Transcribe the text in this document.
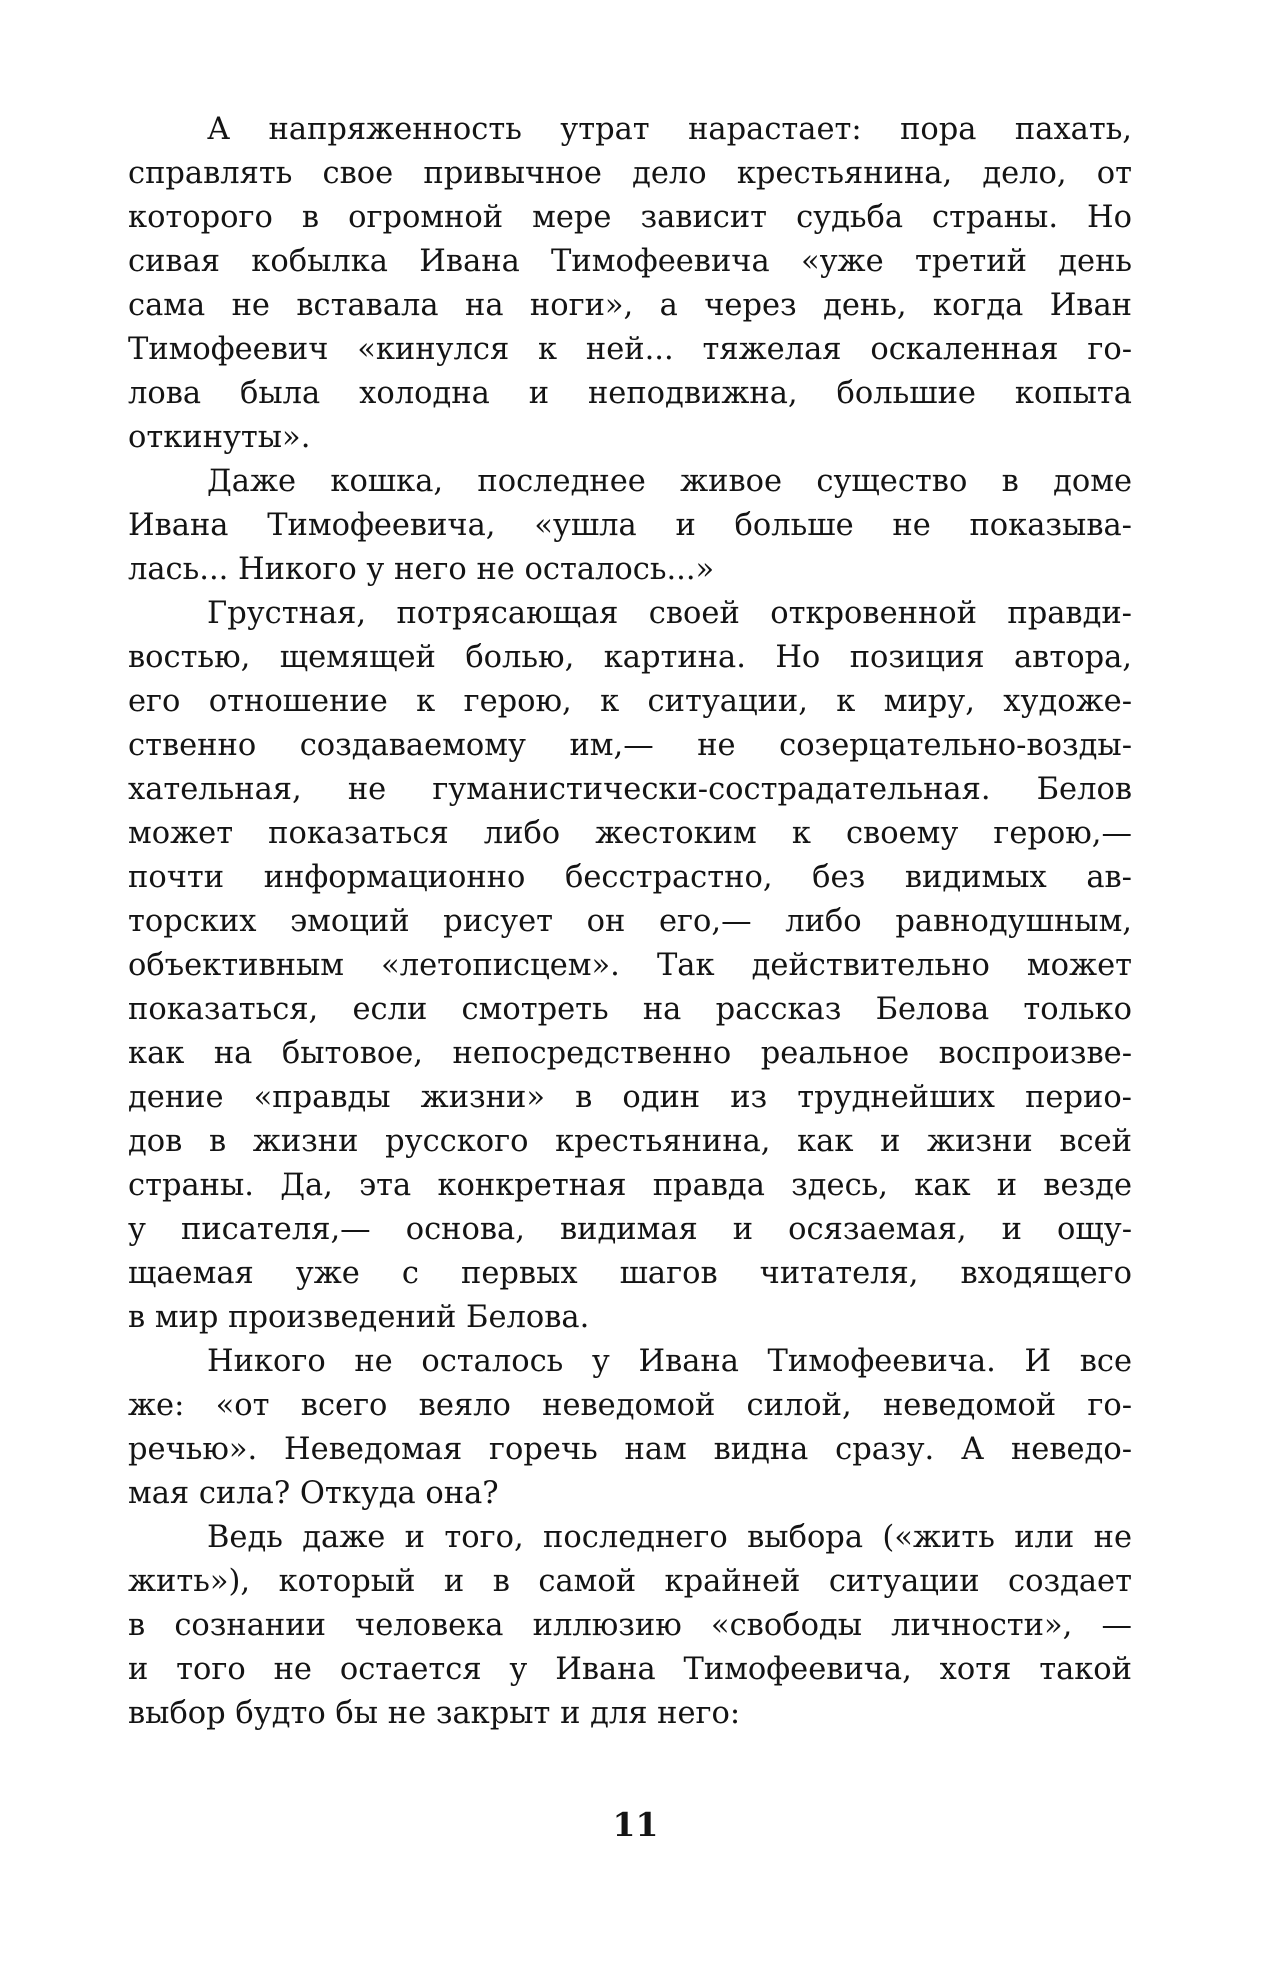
А напряженность утрат нарастает: пора пахать,
справлять свое привычное дело крестьянина, дело, от
которого в огромной мере зависит судьба страны. Но
сивая кобылка Ивана Тимофеевича «уже третий день
сама не вставала на ноги», а через день, когда Иван
Тимофеевич «кинулся к ней... тяжелая оскаленная го-
лова была холодна и неподвижна, большие копыта
откинуты».
Даже кошка, последнее живое существо в доме
Ивана Тимофеевича, «ушла и больше не показыва-
лась... Никого у него не осталось...»
Грустная, потрясающая своей откровенной правди-
востью, щемящей болью, картина. Но позиция автора,
его отношение к герою, к ситуации, к миру, художе-
ственно создаваемому им,— не созерцательно-возды-
хательная, не гуманистически-сострадательная. Белов
может показаться либо жестоким к своему герою,—
почти информационно бесстрастно, без видимых ав-
торских эмоций рисует он его,— либо равнодушным,
объективным «летописцем». Так действительно может
показаться, если смотреть на рассказ Белова только
как на бытовое, непосредственно реальное воспроизве-
дение «правды жизни» в один из труднейших перио-
дов в жизни русского крестьянина, как и жизни всей
страны. Да, эта конкретная правда здесь, как и везде
у писателя,— основа, видимая и осязаемая, и ощу-
щаемая уже с первых шагов читателя, входящего
в мир произведений Белова.
Никого не осталось у Ивана Тимофеевича. И все
же: «от всего веяло неведомой силой, неведомой го-
речью». Неведомая горечь нам видна сразу. А неведо-
мая сила? Откуда она?
Ведь даже и того, последнего выбора («жить или не
жить»), который и в самой крайней ситуации создает
в сознании человека иллюзию «свободы личности», —
и того не остается у Ивана Тимофеевича, хотя такой
выбор будто бы не закрыт и для него:
11
